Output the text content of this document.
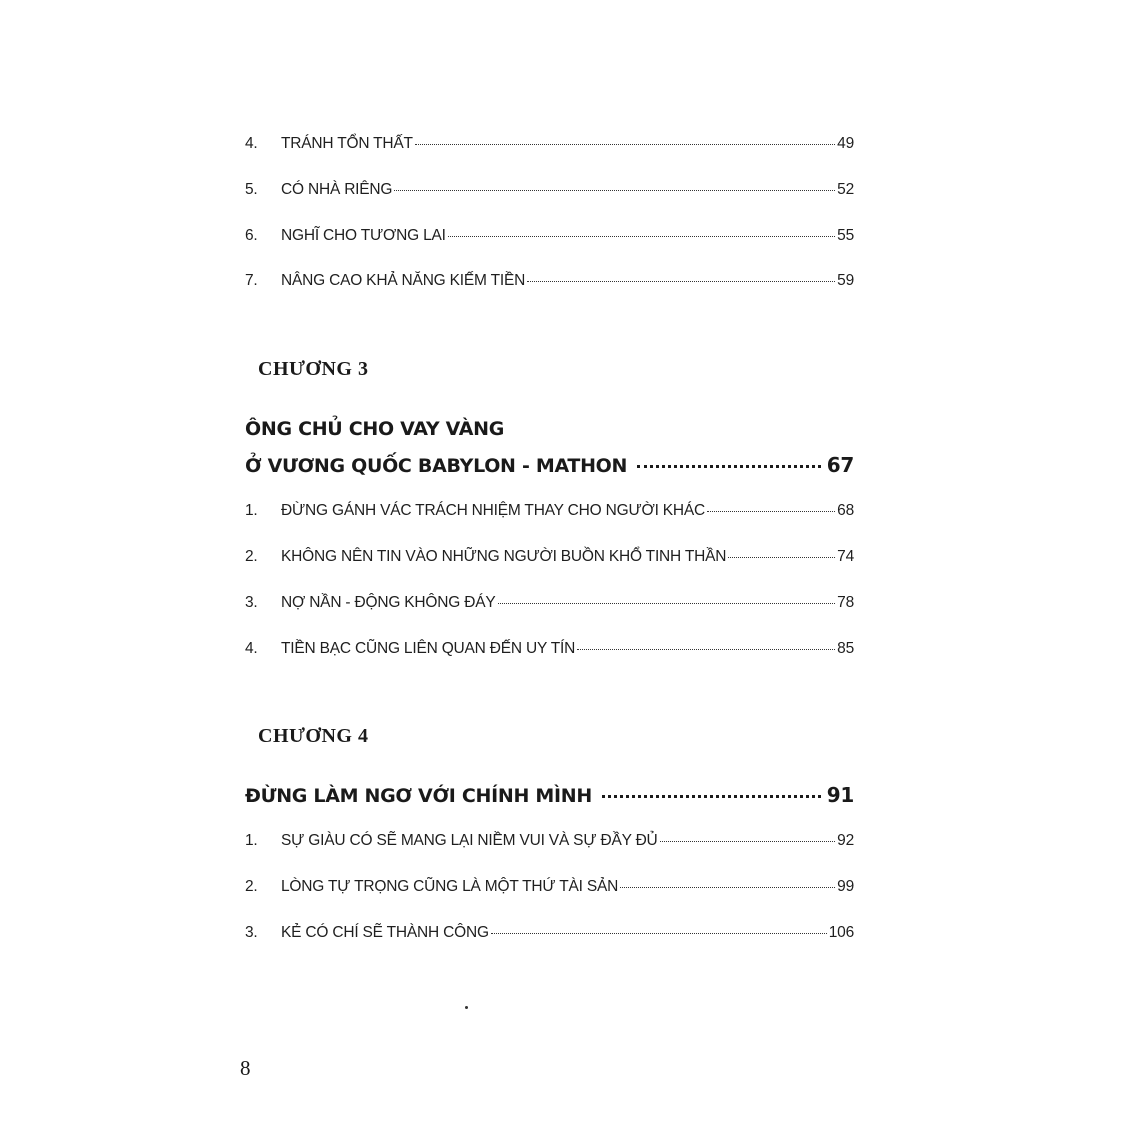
4.	TRÁNH TỔN THẤT	49
5.	CÓ NHÀ RIÊNG	52
6.	NGHĨ CHO TƯƠNG LAI	55
7.	NÂNG CAO KHẢ NĂNG KIẾM TIỀN	59
CHƯƠNG 3
ÔNG CHỦ CHO VAY VÀNG
Ở VƯƠNG QUỐC BABYLON - MATHON	67
1.	ĐỪNG GÁNH VÁC TRÁCH NHIỆM THAY CHO NGƯỜI KHÁC	68
2.	KHÔNG NÊN TIN VÀO NHỮNG NGƯỜI BUỒN KHỔ TINH THẦN	74
3.	NỢ NẦN - ĐỘNG KHÔNG ĐÁY	78
4.	TIỀN BẠC CŨNG LIÊN QUAN ĐẾN UY TÍN	85
CHƯƠNG 4
ĐỪNG LÀM NGƠ VỚI CHÍNH MÌNH	91
1.	SỰ GIÀU CÓ SẼ MANG LẠI NIỀM VUI VÀ SỰ ĐẦY ĐỦ	92
2.	LÒNG TỰ TRỌNG CŨNG LÀ MỘT THỨ TÀI SẢN	99
3.	KẺ CÓ CHÍ SẼ THÀNH CÔNG	106
8
